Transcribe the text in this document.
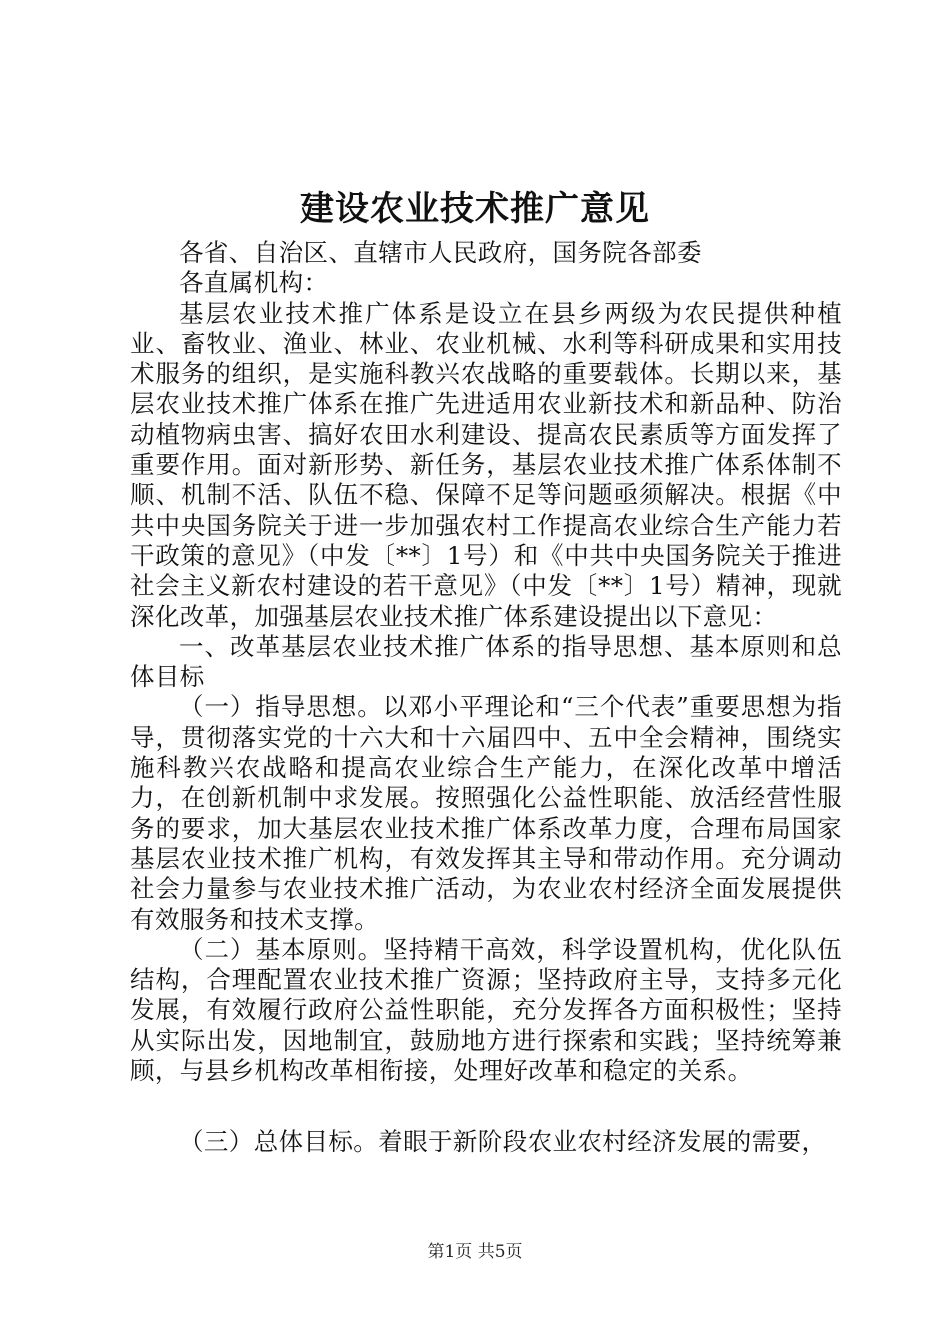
建设农业技术推广意见

各省、自治区、直辖市人民政府，国务院各部委

各直属机构：

基层农业技术推广体系是设立在县乡两级为农民提供种植业、畜牧业、渔业、林业、农业机械、水利等科研成果和实用技术服务的组织，是实施科教兴农战略的重要载体。长期以来，基层农业技术推广体系在推广先进适用农业新技术和新品种、防治动植物病虫害、搞好农田水利建设、提高农民素质等方面发挥了重要作用。面对新形势、新任务，基层农业技术推广体系体制不顺、机制不活、队伍不稳、保障不足等问题亟须解决。根据《中共中央国务院关于进一步加强农村工作提高农业综合生产能力若干政策的意见》（中发〔**〕1号）和《中共中央国务院关于推进社会主义新农村建设的若干意见》（中发〔**〕1号）精神，现就深化改革，加强基层农业技术推广体系建设提出以下意见：

一、改革基层农业技术推广体系的指导思想、基本原则和总体目标

（一）指导思想。以邓小平理论和“三个代表”重要思想为指导，贯彻落实党的十六大和十六届四中、五中全会精神，围绕实施科教兴农战略和提高农业综合生产能力，在深化改革中增活力，在创新机制中求发展。按照强化公益性职能、放活经营性服务的要求，加大基层农业技术推广体系改革力度，合理布局国家基层农业技术推广机构，有效发挥其主导和带动作用。充分调动社会力量参与农业技术推广活动，为农业农村经济全面发展提供有效服务和技术支撑。

（二）基本原则。坚持精干高效，科学设置机构，优化队伍结构，合理配置农业技术推广资源；坚持政府主导，支持多元化发展，有效履行政府公益性职能，充分发挥各方面积极性；坚持从实际出发，因地制宜，鼓励地方进行探索和实践；坚持统筹兼顾，与县乡机构改革相衔接，处理好改革和稳定的关系。

（三）总体目标。着眼于新阶段农业农村经济发展的需要，

第1页 共5页
